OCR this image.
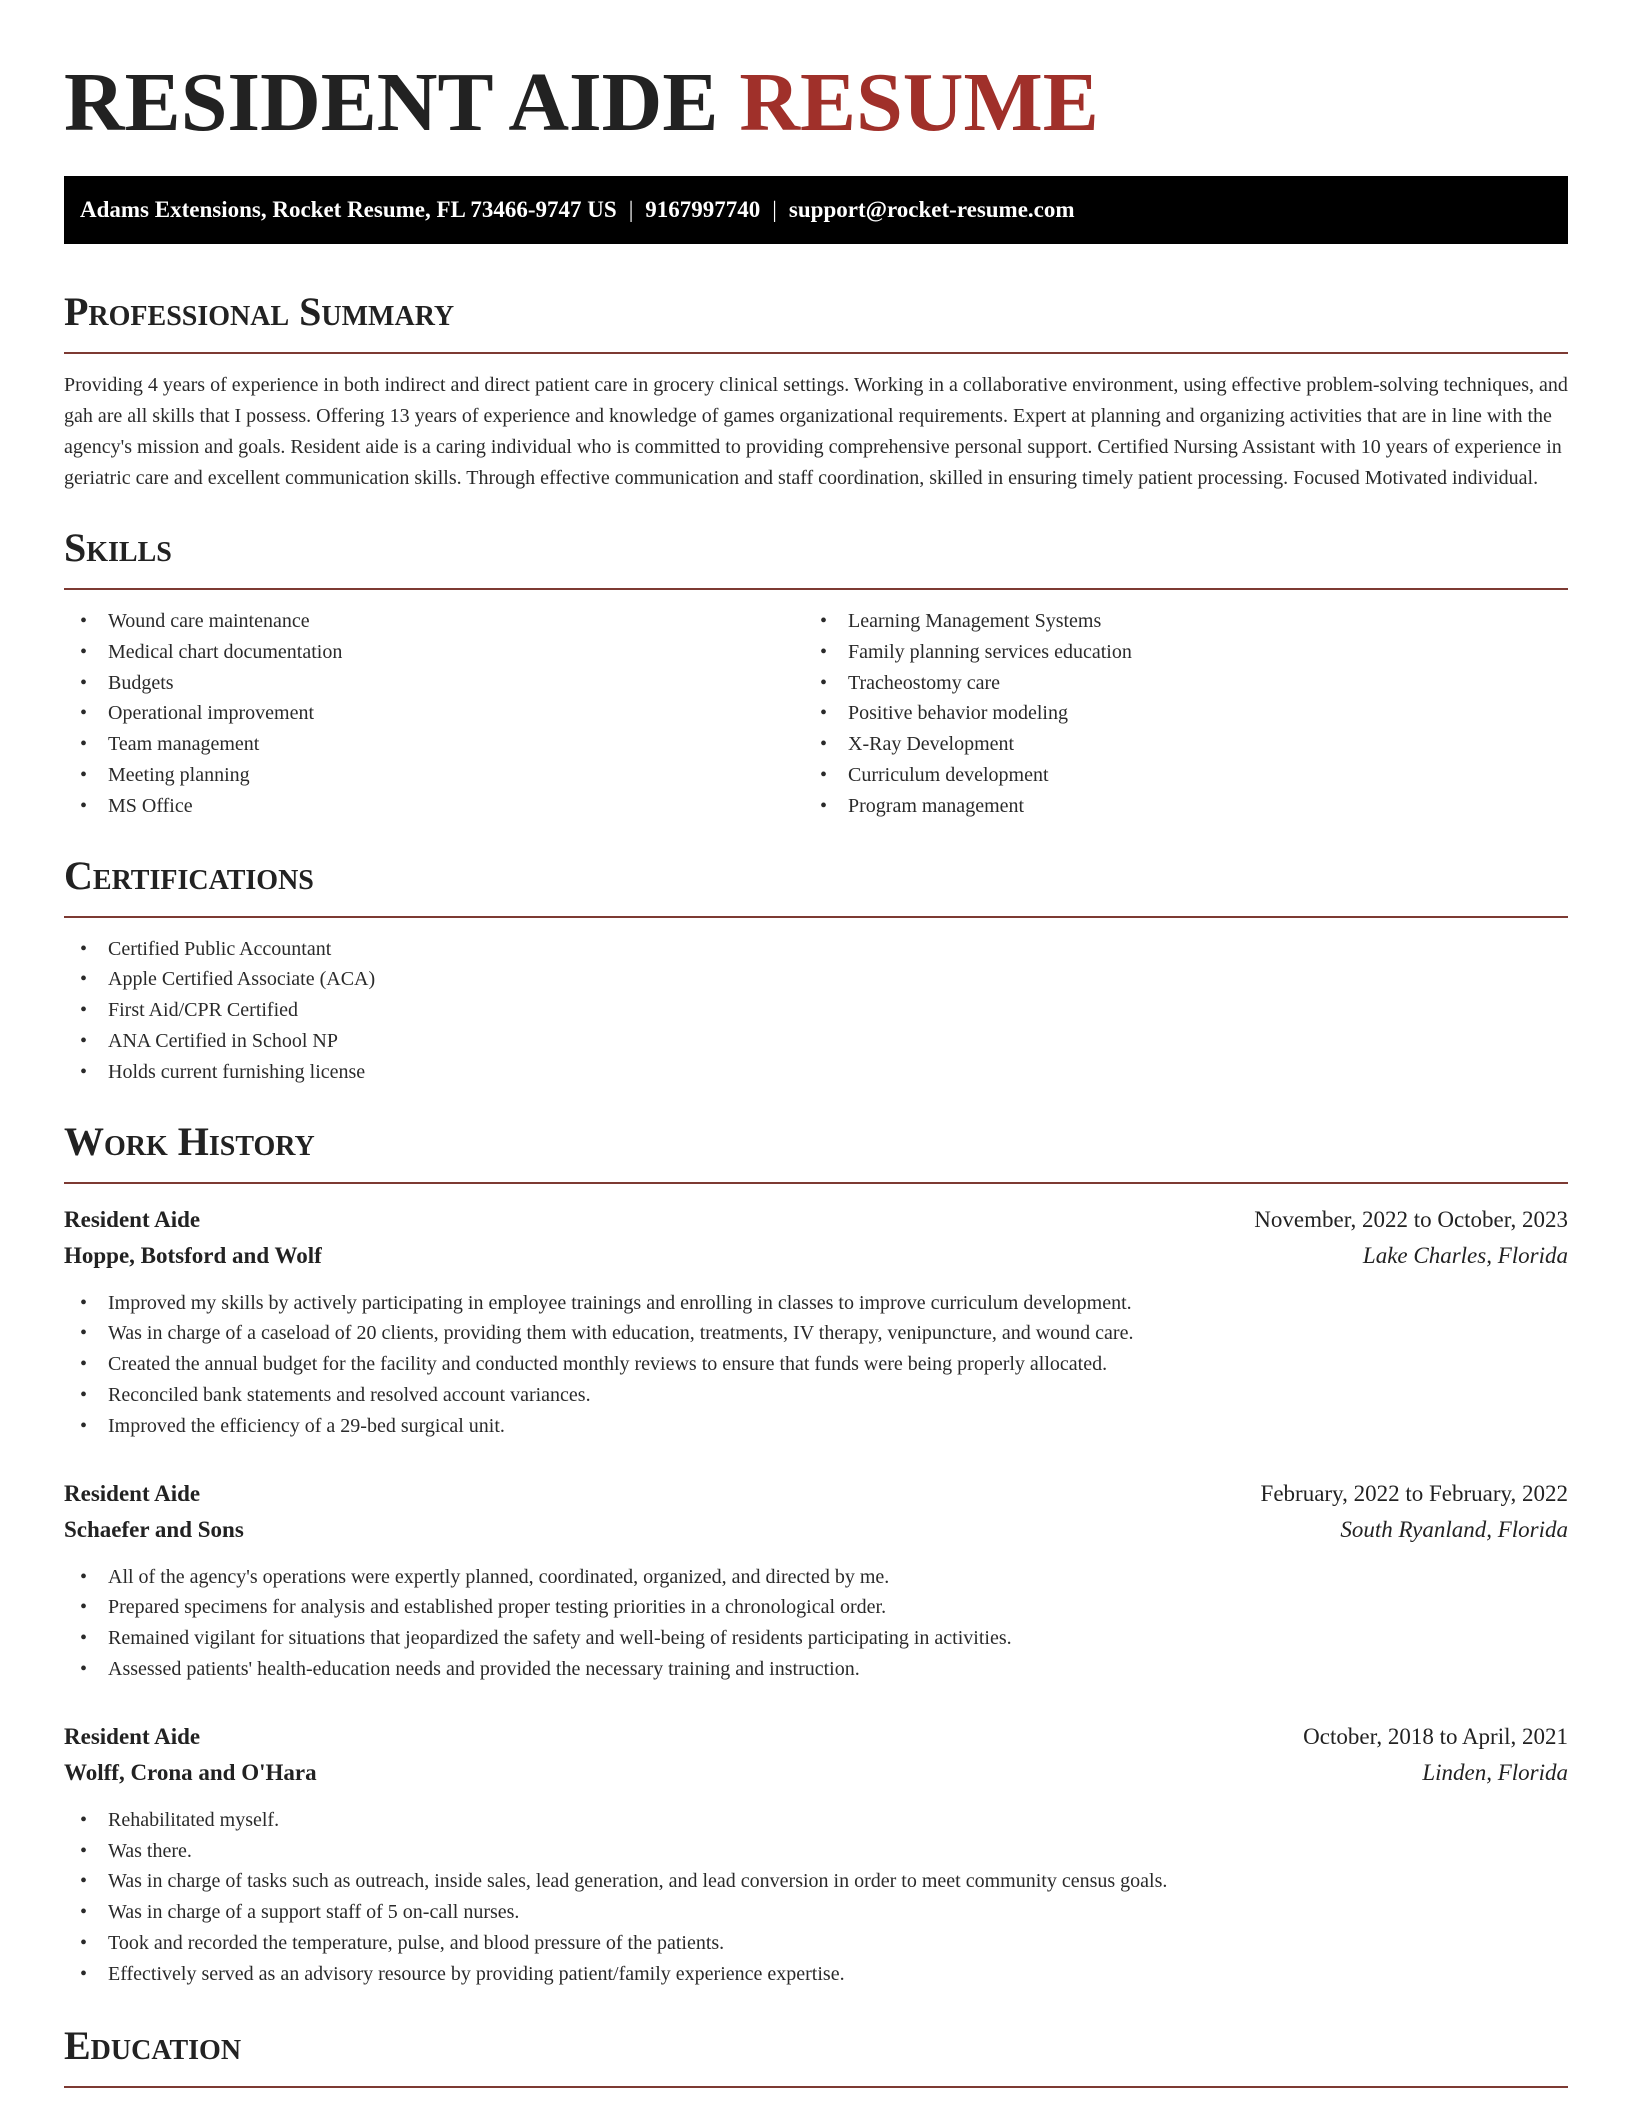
RESIDENT AIDE RESUME
Adams Extensions, Rocket Resume, FL 73466-9747 US | 9167997740 | support@rocket-resume.com
Professional Summary

Providing 4 years of experience in both indirect and direct patient care in grocery clinical settings. Working in a collaborative environment, using effective problem-solving techniques, and gah are all skills that I possess. Offering 13 years of experience and knowledge of games organizational requirements. Expert at planning and organizing activities that are in line with the agency's mission and goals. Resident aide is a caring individual who is committed to providing comprehensive personal support. Certified Nursing Assistant with 10 years of experience in geriatric care and excellent communication skills. Through effective communication and staff coordination, skilled in ensuring timely patient processing. Focused Motivated individual.

Skills
• Wound care maintenance
• Medical chart documentation
• Budgets
• Operational improvement
• Team management
• Meeting planning
• MS Office
• Learning Management Systems
• Family planning services education
• Tracheostomy care
• Positive behavior modeling
• X-Ray Development
• Curriculum development
• Program management
Certifications
• Certified Public Accountant
• Apple Certified Associate (ACA)
• First Aid/CPR Certified
• ANA Certified in School NP
• Holds current furnishing license
Work History
Resident Aide	November, 2022 to October, 2023
Hoppe, Botsford and Wolf	Lake Charles, Florida
• Improved my skills by actively participating in employee trainings and enrolling in classes to improve curriculum development.
• Was in charge of a caseload of 20 clients, providing them with education, treatments, IV therapy, venipuncture, and wound care.
• Created the annual budget for the facility and conducted monthly reviews to ensure that funds were being properly allocated.
• Reconciled bank statements and resolved account variances.
• Improved the efficiency of a 29-bed surgical unit.
Resident Aide	February, 2022 to February, 2022
Schaefer and Sons	South Ryanland, Florida
• All of the agency's operations were expertly planned, coordinated, organized, and directed by me.
• Prepared specimens for analysis and established proper testing priorities in a chronological order.
• Remained vigilant for situations that jeopardized the safety and well-being of residents participating in activities.
• Assessed patients' health-education needs and provided the necessary training and instruction.
Resident Aide	October, 2018 to April, 2021
Wolff, Crona and O'Hara	Linden, Florida
• Rehabilitated myself.
• Was there.
• Was in charge of tasks such as outreach, inside sales, lead generation, and lead conversion in order to meet community census goals.
• Was in charge of a support staff of 5 on-call nurses.
• Took and recorded the temperature, pulse, and blood pressure of the patients.
• Effectively served as an advisory resource by providing patient/family experience expertise.
Education
